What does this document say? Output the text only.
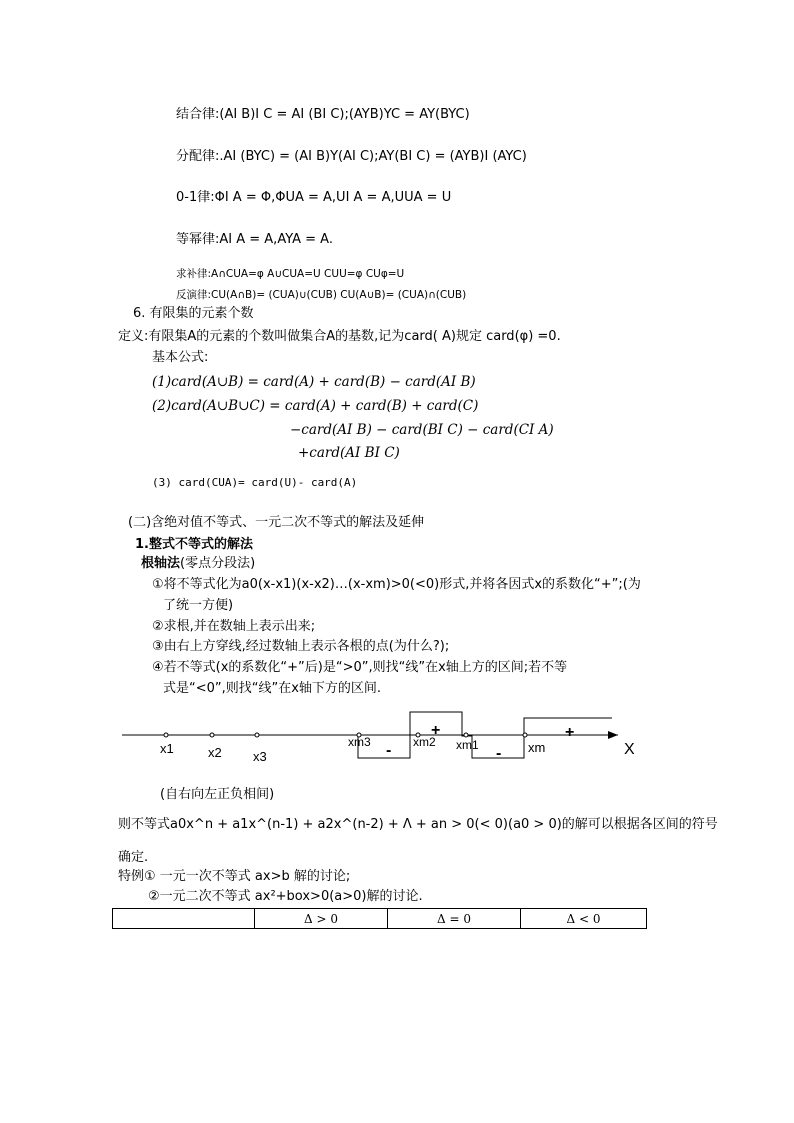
结合律:(AI B)I C = AI (BI C);(AYB)YC = AY(BYC)
分配律:.AI (BYC) = (AI B)Y(AI C);AY(BI C) = (AYB)I (AYC)
0-1律:ΦI A = Φ,ΦUA = A,UI A = A,UUA = U
等幂律:AI A = A,AYA = A.
求补律:A∩CUA=φ A∪CUA=U CUU=φ CUφ=U
反演律:CU(A∩B)= (CUA)∪(CUB) CU(A∪B)= (CUA)∩(CUB)
6. 有限集的元素个数
定义:有限集A的元素的个数叫做集合A的基数,记为card( A)规定 card(φ) =0.
基本公式:
(1)card(A∪B) = card(A) + card(B) − card(AI B)
(2)card(A∪B∪C) = card(A) + card(B) + card(C)
−card(AI B) − card(BI C) − card(CI A)
+card(AI BI C)
(3) card(CUA)= card(U)- card(A)
(二)含绝对值不等式、一元二次不等式的解法及延伸
1.整式不等式的解法
根轴法(零点分段法)
①将不等式化为a0(x-x1)(x-x2)…(x-xm)>0(<0)形式,并将各因式x的系数化“+”;(为
了统一方便)
②求根,并在数轴上表示出来;
③由右上方穿线,经过数轴上表示各根的点(为什么?);
④若不等式(x的系数化“+”后)是“>0”,则找“线”在x轴上方的区间;若不等
式是“<0”,则找“线”在x轴下方的区间.
x1	x2 x3
xm3	xm2 xm1	xm	X
+
-	-
+
(自右向左正负相间)
则不等式a0x^n + a1x^(n-1) + a2x^(n-2) + Λ + an > 0(< 0)(a0 > 0)的解可以根据各区间的符号
确定.
特例① 一元一次不等式 ax>b 解的讨论;
②一元二次不等式 ax²+box>0(a>0)解的讨论.
	Δ > 0	Δ = 0	Δ < 0
